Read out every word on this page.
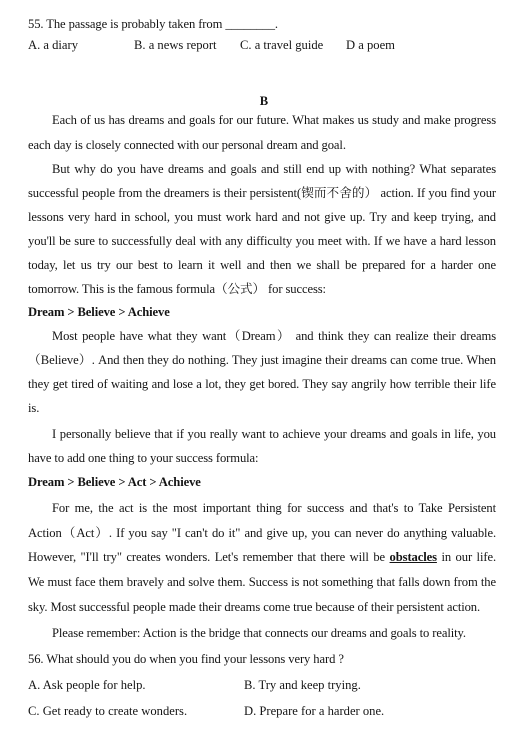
55. The passage is probably taken from ________.
A. a diary	B. a news report C. a travel guide D a poem
B
Each of us has dreams and goals for our future. What makes us study and make progress
each day is closely connected with our personal dream and goal.
But why do you have dreams and goals and still end up with nothing? What separates
successful people from the dreamers is their persistent(锲而不舍的） action. If you find your
lessons very hard in school, you must work hard and not give up. Try and keep trying, and
you'll be sure to successfully deal with any difficulty you meet with. If we have a hard lesson
today, let us try our best to learn it well and then we shall be prepared for a harder one
tomorrow. This is the famous formula（公式） for success:
Dream > Believe > Achieve
Most people have what they want（Dream） and think they can realize their dreams
（Believe）. And then they do nothing. They just imagine their dreams can come true. When
they get tired of waiting and lose a lot, they get bored. They say angrily how terrible their life
is.
I personally believe that if you really want to achieve your dreams and goals in life, you
have to add one thing to your success formula:
Dream > Believe > Act > Achieve
For me, the act is the most important thing for success and that's to Take Persistent
Action（Act）. If you say "I can't do it" and give up, you can never do anything valuable.
However, "I'll try" creates wonders. Let's remember that there will be obstacles in our life.
We must face them bravely and solve them. Success is not something that falls down from the
sky. Most successful people made their dreams come true because of their persistent action.
Please remember: Action is the bridge that connects our dreams and goals to reality.
56. What should you do when you find your lessons very hard ?
A. Ask people for help.	B. Try and keep trying.
C. Get ready to create wonders.	D. Prepare for a harder one.
